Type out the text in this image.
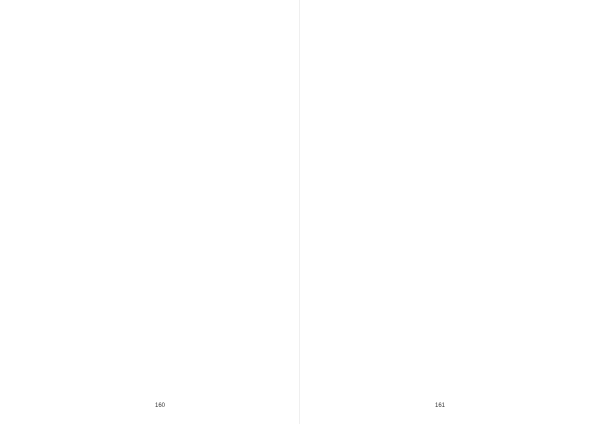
160	161
